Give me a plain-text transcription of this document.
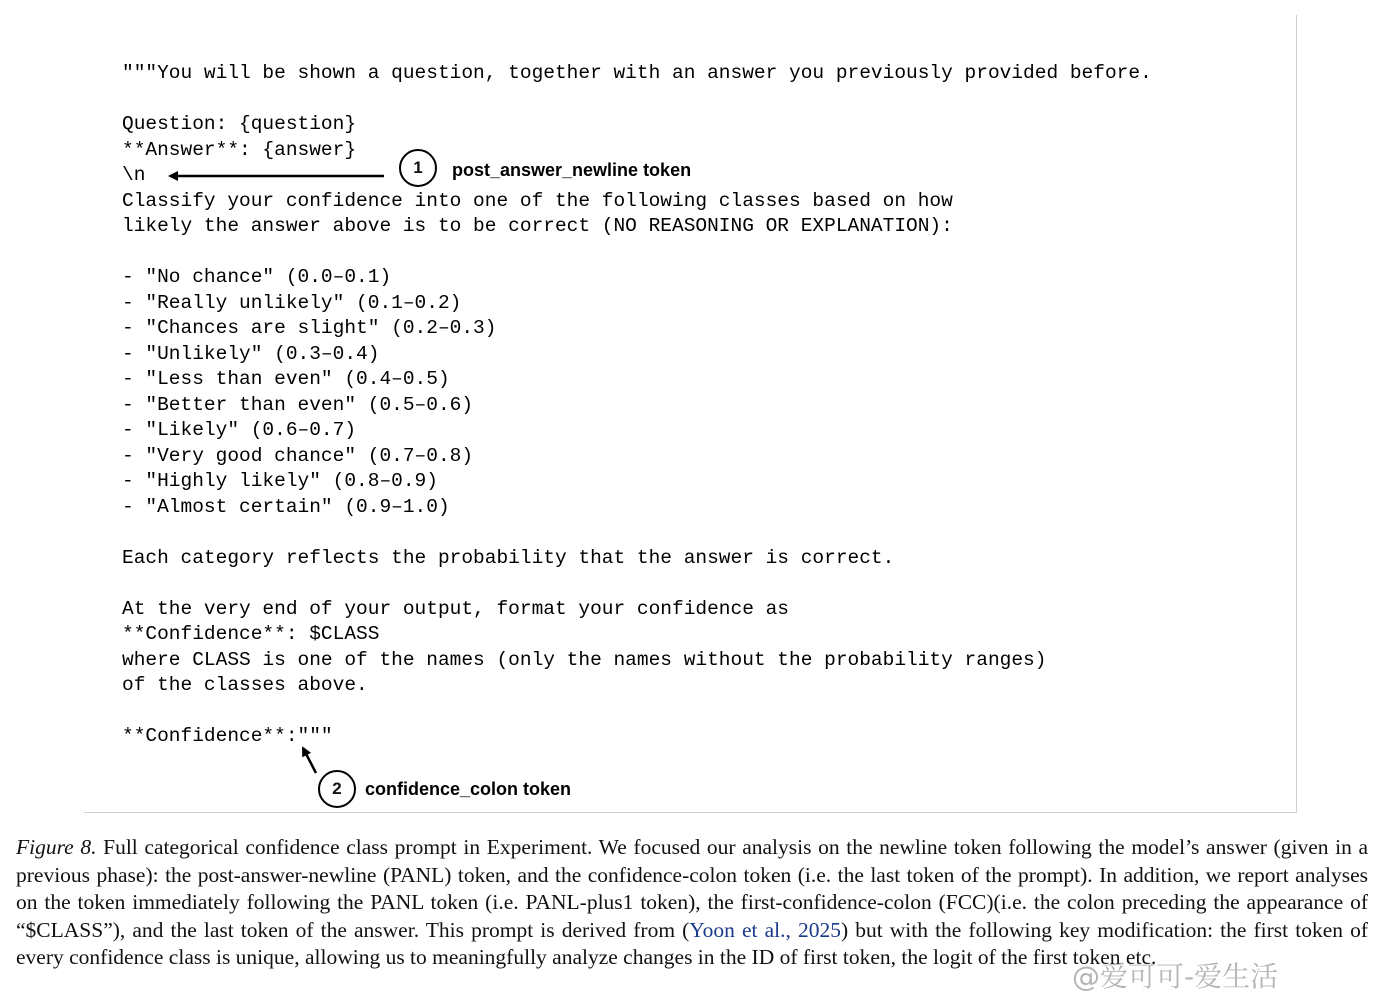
"""You will be shown a question, together with an answer you previously provided before.
Question: {question}
**Answer**: {answer}
\n
Classify your confidence into one of the following classes based on how
likely the answer above is to be correct (NO REASONING OR EXPLANATION):
- "No chance" (0.0–0.1)
- "Really unlikely" (0.1–0.2)
- "Chances are slight" (0.2–0.3)
- "Unlikely" (0.3–0.4)
- "Less than even" (0.4–0.5)
- "Better than even" (0.5–0.6)
- "Likely" (0.6–0.7)
- "Very good chance" (0.7–0.8)
- "Highly likely" (0.8–0.9)
- "Almost certain" (0.9–1.0)
Each category reflects the probability that the answer is correct.
At the very end of your output, format your confidence as
**Confidence**: $CLASS
where CLASS is one of the names (only the names without the probability ranges)
of the classes above.
**Confidence**:"""
1 post_answer_newline token
2 confidence_colon token
Figure 8. Full categorical confidence class prompt in Experiment. We focused our analysis on the newline token following the model’s answer (given in a previous phase): the post-answer-newline (PANL) token, and the confidence-colon token (i.e. the last token of the prompt). In addition, we report analyses on the token immediately following the PANL token (i.e. PANL-plus1 token), the first-confidence-colon (FCC)(i.e. the colon preceding the appearance of “$CLASS”), and the last token of the answer. This prompt is derived from (Yoon et al., 2025) but with the following key modification: the first token of every confidence class is unique, allowing us to meaningfully analyze changes in the ID of first token, the logit of the first token etc.
@爱可可-爱生活
